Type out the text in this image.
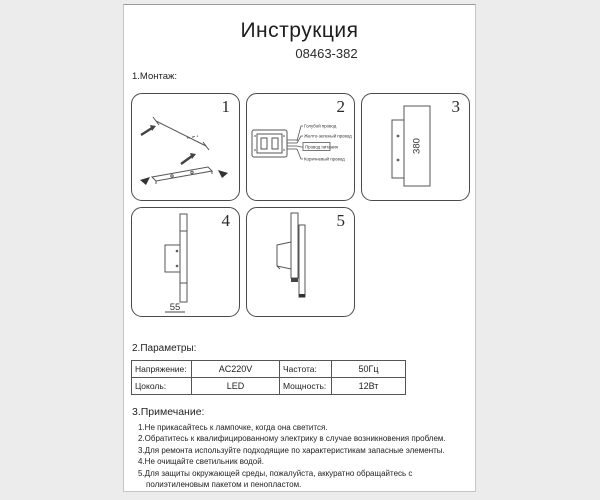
Инструкция
08463-382
1.Монтаж:
1	2
Голубой провод
Желто-зеленый провод
Провод питания
Коричневый провод
3
380
4
55
5
2.Параметры:
Напряжение:	AC220V	Частота:	50Гц
Цоколь:	LED	Мощность:	12Вт
3.Примечание:
1.Не прикасайтесь к лампочке, когда она светится.
2.Обратитесь к квалифицированному электрику в случае возникновения проблем.
3.Для ремонта используйте подходящие по характеристикам запасные элементы.
4.Не очищайте светильник водой.
5.Для защиты окружающей среды, пожалуйста, аккуратно обращайтесь с полиэтиленовым пакетом и пенопластом.
